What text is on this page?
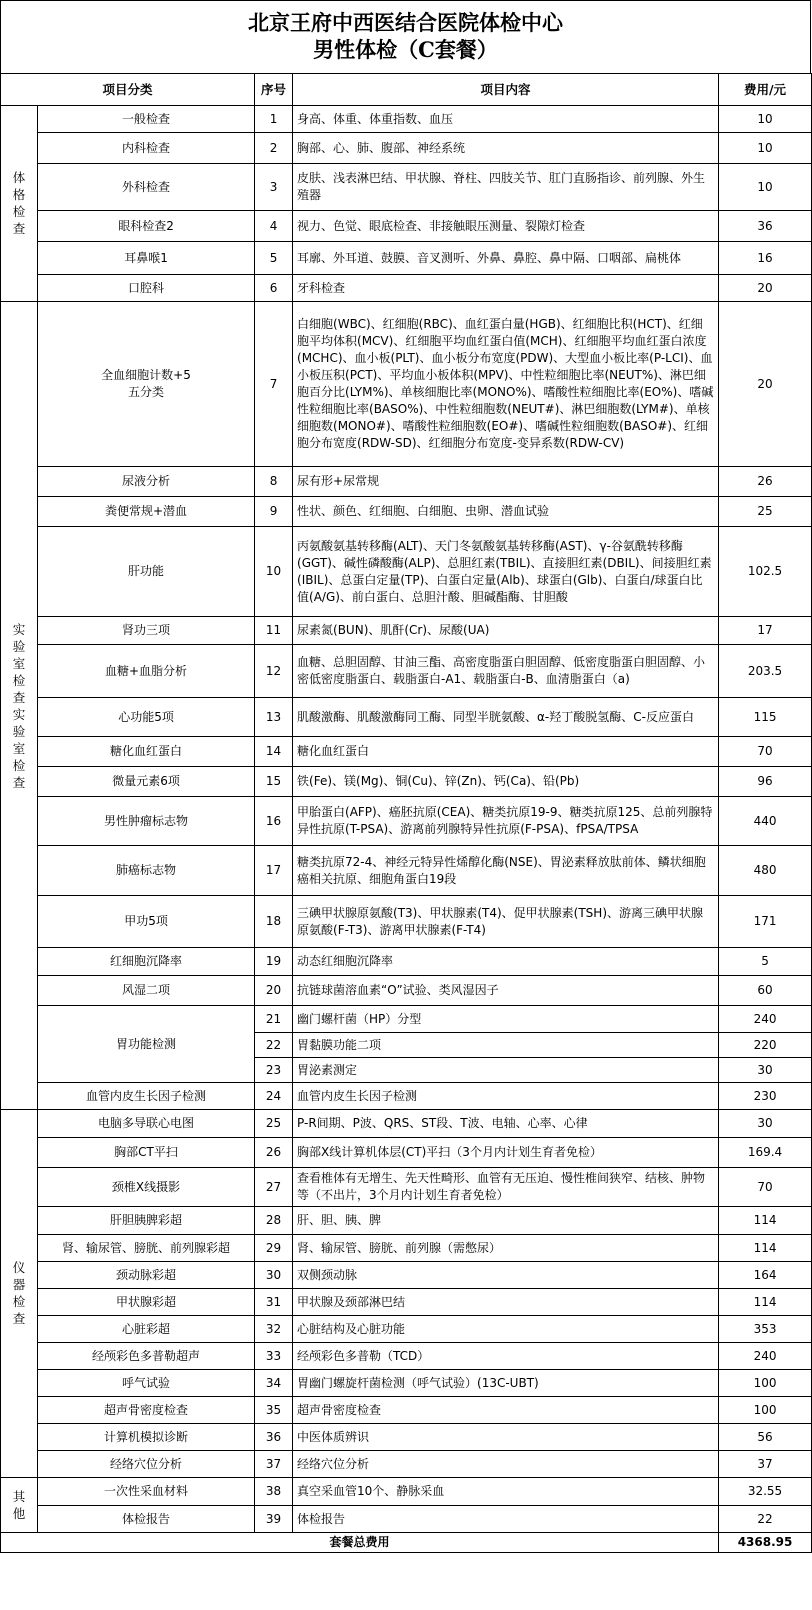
北京王府中西医结合医院体检中心
男性体检（C套餐）
项目分类		序号	项目内容	费用/元
体格检查	一般检查	1	身高、体重、体重指数、血压	10
	内科检查	2	胸部、心、肺、腹部、神经系统	10
	外科检查	3	皮肤、浅表淋巴结、甲状腺、脊柱、四肢关节、肛门直肠指诊、前列腺、外生殖器	10
	眼科检查2	4	视力、色觉、眼底检查、非接触眼压测量、裂隙灯检查	36
	耳鼻喉1	5	耳廓、外耳道、鼓膜、音叉测听、外鼻、鼻腔、鼻中隔、口咽部、扁桃体	16
	口腔科	6	牙科检查	20

实验室检查
实验室检查	全血细胞计数+5五分类	7	白细胞(WBC)、红细胞(RBC)、血红蛋白量(HGB)、红细胞比积(HCT)、红细胞平均体积(MCV)、红细胞平均血红蛋白值(MCH)、红细胞平均血红蛋白浓度(MCHC)、血小板(PLT)、血小板分布宽度(PDW)、大型血小板比率(P-LCI)、血小板压积(PCT)、平均血小板体积(MPV)、中性粒细胞比率(NEUT%)、淋巴细胞百分比(LYM%)、单核细胞比率(MONO%)、嗜酸性粒细胞比率(EO%)、嗜碱性粒细胞比率(BASO%)、中性粒细胞数(NEUT#)、淋巴细胞数(LYM#)、单核细胞数(MONO#)、嗜酸性粒细胞数(EO#)、嗜碱性粒细胞数(BASO#)、红细胞分布宽度(RDW-SD)、红细胞分布宽度-变异系数(RDW-CV)	20
	尿液分析	8	尿有形+尿常规	26
	粪便常规+潜血	9	性状、颜色、红细胞、白细胞、虫卵、潜血试验	25
	肝功能	10	丙氨酸氨基转移酶(ALT)、天门冬氨酸氨基转移酶(AST)、γ-谷氨酰转移酶(GGT)、碱性磷酸酶(ALP)、总胆红素(TBIL)、直接胆红素(DBIL)、间接胆红素(IBIL)、总蛋白定量(TP)、白蛋白定量(Alb)、球蛋白(Glb)、白蛋白/球蛋白比值(A/G)、前白蛋白、总胆汁酸、胆碱酯酶、甘胆酸	102.5
	肾功三项	11	尿素氮(BUN)、肌酐(Cr)、尿酸(UA)	17
	血糖+血脂分析	12	血糖、总胆固醇、甘油三酯、高密度脂蛋白胆固醇、低密度脂蛋白胆固醇、小密低密度脂蛋白、载脂蛋白-A1、载脂蛋白-B、血清脂蛋白（a)	203.5
	心功能5项	13	肌酸激酶、肌酸激酶同工酶、同型半胱氨酸、α-羟丁酸脱氢酶、C-反应蛋白	115
	糖化血红蛋白	14	糖化血红蛋白	70
	微量元素6项	15	铁(Fe)、镁(Mg)、铜(Cu)、锌(Zn)、钙(Ca)、铅(Pb)	96
	男性肿瘤标志物	16	甲胎蛋白(AFP)、癌胚抗原(CEA)、糖类抗原19-9、糖类抗原125、总前列腺特异性抗原(T-PSA)、游离前列腺特异性抗原(F-PSA)、fPSA/TPSA	440
	肺癌标志物	17	糖类抗原72-4、神经元特异性烯醇化酶(NSE)、胃泌素释放肽前体、鳞状细胞癌相关抗原、细胞角蛋白19段	480
	甲功5项	18	三碘甲状腺原氨酸(T3)、甲状腺素(T4)、促甲状腺素(TSH)、游离三碘甲状腺原氨酸(F-T3)、游离甲状腺素(F-T4)	171
	红细胞沉降率	19	动态红细胞沉降率	5
	风湿二项	20	抗链球菌溶血素“O”试验、类风湿因子	60
	胃功能检测	21	幽门螺杆菌（HP）分型	240
		22	胃黏膜功能二项	220
		23	胃泌素测定	30
	血管内皮生长因子检测	24	血管内皮生长因子检测	230
仪器检查	电脑多导联心电图	25	P-R间期、P波、QRS、ST段、T波、电轴、心率、心律	30
	胸部CT平扫	26	胸部X线计算机体层(CT)平扫（3个月内计划生育者免检）	169.4
	颈椎X线摄影	27	查看椎体有无增生、先天性畸形、血管有无压迫、慢性椎间狭窄、结核、肿物等（不出片，3个月内计划生育者免检）	70
	肝胆胰脾彩超	28	肝、胆、胰、脾	114
	肾、输尿管、膀胱、前列腺彩超	29	肾、输尿管、膀胱、前列腺（需憋尿）	114
	颈动脉彩超	30	双侧颈动脉	164
	甲状腺彩超	31	甲状腺及颈部淋巴结	114
	心脏彩超	32	心脏结构及心脏功能	353
	经颅彩色多普勒超声	33	经颅彩色多普勒（TCD）	240
	呼气试验	34	胃幽门螺旋杆菌检测（呼气试验）(13C-UBT)	100
	超声骨密度检查	35	超声骨密度检查	100
	计算机模拟诊断	36	中医体质辨识	56
	经络穴位分析	37	经络穴位分析	37
其他	一次性采血材料	38	真空采血管10个、静脉采血	32.55
	体检报告	39	体检报告	22
套餐总费用				4368.95
